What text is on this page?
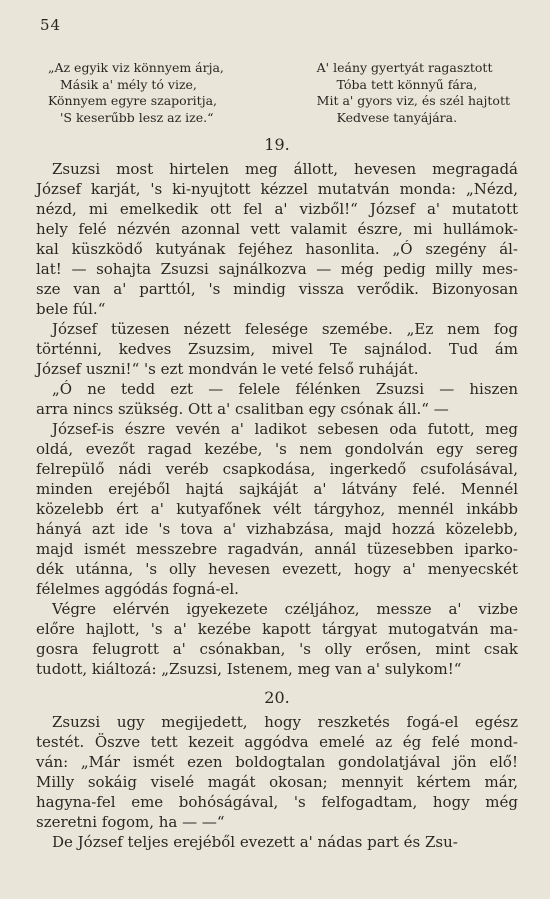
54
„Az egyik viz könnyem árja,
Másik a' mély tó vize,
Könnyem egyre szaporitja,
'S keserűbb lesz az ize.“
A' leány gyertyát ragasztott
Tóba tett könnyű fára,
Mit a' gyors viz, és szél hajtott
Kedvese tanyájára.
19.

Zsuzsi most hirtelen meg állott, hevesen megragadá
József karját, 's ki-nyujtott kézzel mutatván monda: „Nézd,
nézd, mi emelkedik ott fel a' vizből!“ József a' mutatott
hely felé nézvén azonnal vett valamit észre, mi hullámok-
kal küszködő kutyának fejéhez hasonlita. „Ó szegény ál-
lat! — sohajta Zsuzsi sajnálkozva — még pedig milly mes-
sze van a' parttól, 's mindig vissza verődik. Bizonyosan
bele fúl.“

József tüzesen nézett felesége szemébe. „Ez nem fog
történni, kedves Zsuzsim, mivel Te sajnálod. Tud ám
József uszni!“ 's ezt mondván le veté felső ruháját.

„Ó ne tedd ezt — felele félénken Zsuzsi — hiszen
arra nincs szükség. Ott a' csalitban egy csónak áll.“ —

József-is észre vevén a' ladikot sebesen oda futott, meg
oldá, evezőt ragad kezébe, 's nem gondolván egy sereg
felrepülő nádi veréb csapkodása, ingerkedő csufolásával,
minden erejéből hajtá sajkáját a' látvány felé. Mennél
közelebb ért a' kutyafőnek vélt tárgyhoz, mennél inkább
hányá azt ide 's tova a' vizhabzása, majd hozzá közelebb,
majd ismét messzebre ragadván, annál tüzesebben iparko-
dék utánna, 's olly hevesen evezett, hogy a' menyecskét
félelmes aggódás fogná-el.

Végre elérvén igyekezete czéljához, messze a' vizbe
előre hajlott, 's a' kezébe kapott tárgyat mutogatván ma-
gosra felugrott a' csónakban, 's olly erősen, mint csak
tudott, kiáltozá: „Zsuzsi, Istenem, meg van a' sulykom!“

20.

Zsuzsi ugy megijedett, hogy reszketés fogá-el egész
testét. Öszve tett kezeit aggódva emelé az ég felé mond-
ván: „Már ismét ezen boldogtalan gondolatjával jön elő!
Milly sokáig viselé magát okosan; mennyit kértem már,
hagyna-fel eme bohóságával, 's felfogadtam, hogy még
szeretni fogom, ha — —“

De József teljes erejéből evezett a' nádas part és Zsu-
